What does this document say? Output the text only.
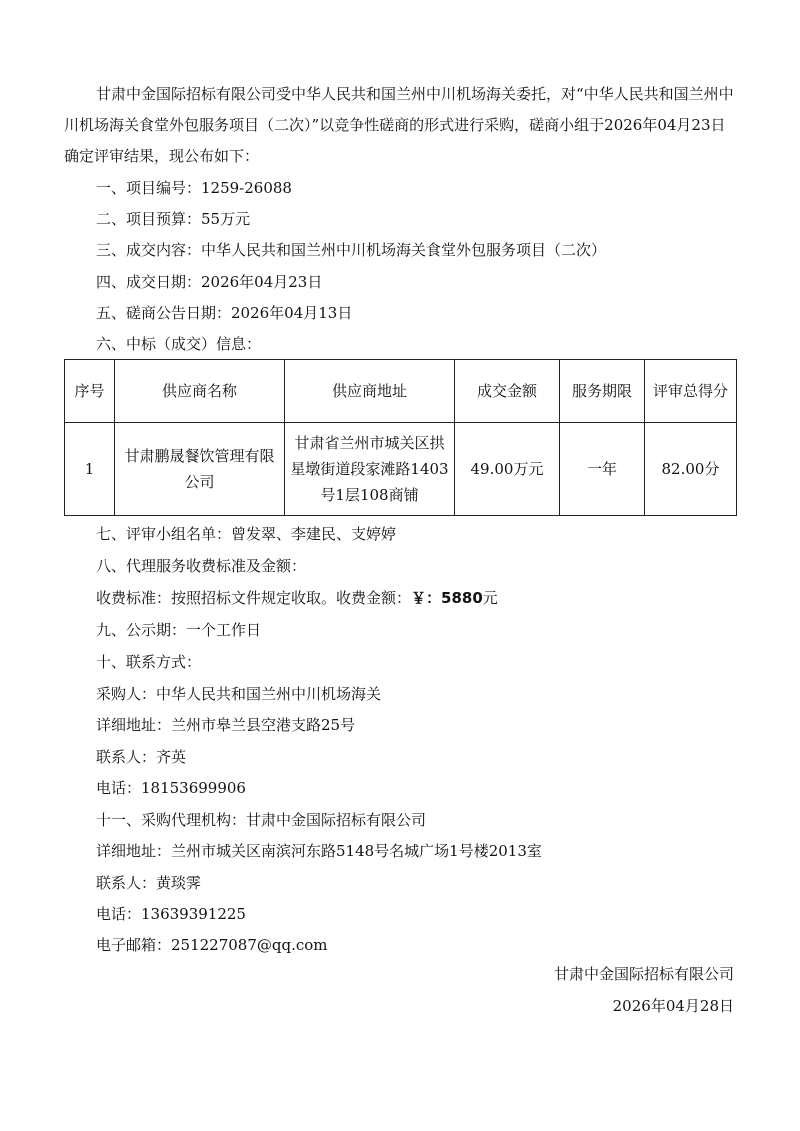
甘肃中金国际招标有限公司受中华人民共和国兰州中川机场海关委托，对“中华人民共和国兰州中川机场海关食堂外包服务项目（二次）”以竞争性磋商的形式进行采购，磋商小组于2026年04月23日确定评审结果，现公布如下：

一、项目编号：1259-26088
二、项目预算：55万元
三、成交内容：中华人民共和国兰州中川机场海关食堂外包服务项目（二次）
四、成交日期：2026年04月23日
五、磋商公告日期：2026年04月13日
六、中标（成交）信息：
序号	供应商名称	供应商地址	成交金额	服务期限	评审总得分
1	甘肃鹏晟餐饮管理有限公司	甘肃省兰州市城关区拱星墩街道段家滩路1403号1层108商铺	49.00万元	一年	82.00分
七、评审小组名单：曾发翠、李建民、支婷婷
八、代理服务收费标准及金额：
收费标准：按照招标文件规定收取。收费金额：￥：5880元
九、公示期：一个工作日
十、联系方式：
采购人：中华人民共和国兰州中川机场海关
详细地址：兰州市皋兰县空港支路25号
联系人：齐英
电话：18153699906
十一、采购代理机构：甘肃中金国际招标有限公司
详细地址：兰州市城关区南滨河东路5148号名城广场1号楼2013室
联系人：黄琰霁
电话：13639391225
电子邮箱：251227087@qq.com
甘肃中金国际招标有限公司
2026年04月28日
